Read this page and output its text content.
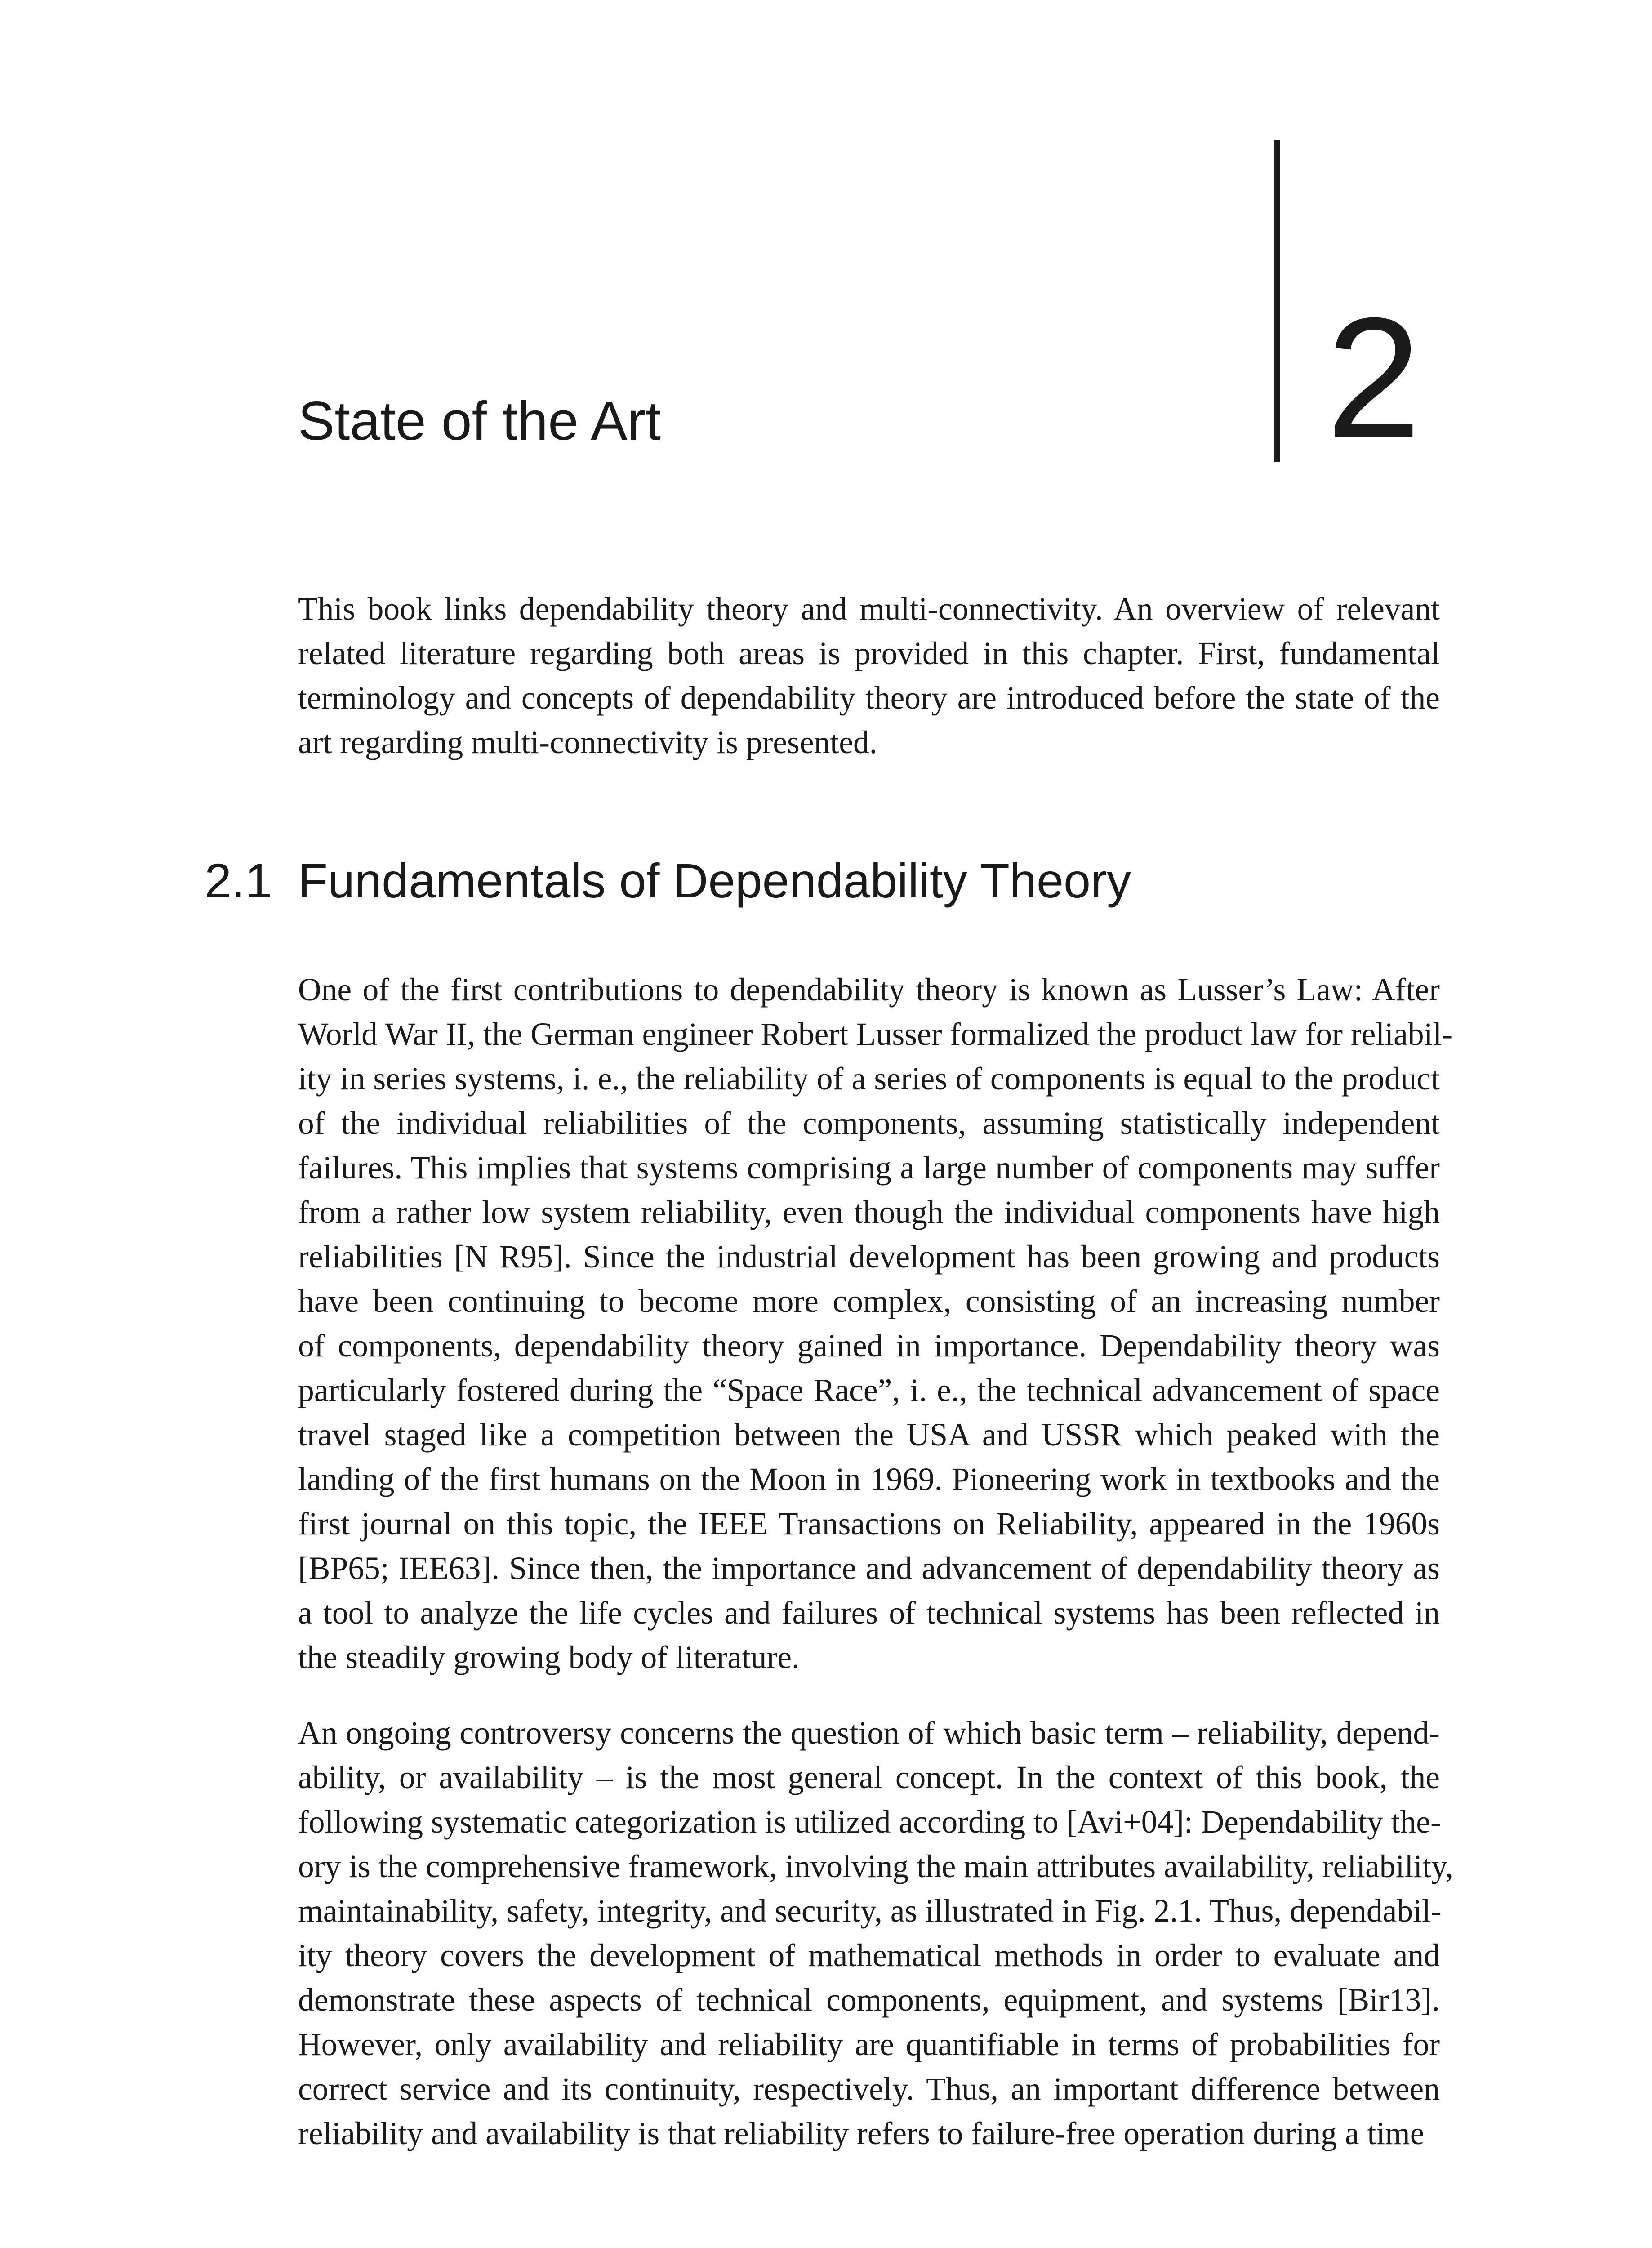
State of the Art	2
This book links dependability theory and multi-connectivity. An overview of relevant
related literature regarding both areas is provided in this chapter. First, fundamental
terminology and concepts of dependability theory are introduced before the state of the
art regarding multi-connectivity is presented.
2.1 Fundamentals of Dependability Theory
One of the first contributions to dependability theory is known as Lusser’s Law: After
World War II, the German engineer Robert Lusser formalized the product law for reliabil-
ity in series systems, i. e., the reliability of a series of components is equal to the product
of the individual reliabilities of the components, assuming statistically independent
failures. This implies that systems comprising a large number of components may suffer
from a rather low system reliability, even though the individual components have high
reliabilities [N R95]. Since the industrial development has been growing and products
have been continuing to become more complex, consisting of an increasing number
of components, dependability theory gained in importance. Dependability theory was
particularly fostered during the “Space Race”, i. e., the technical advancement of space
travel staged like a competition between the USA and USSR which peaked with the
landing of the first humans on the Moon in 1969. Pioneering work in textbooks and the
first journal on this topic, the IEEE Transactions on Reliability, appeared in the 1960s
[BP65; IEE63]. Since then, the importance and advancement of dependability theory as
a tool to analyze the life cycles and failures of technical systems has been reflected in
the steadily growing body of literature.
An ongoing controversy concerns the question of which basic term – reliability, depend-
ability, or availability – is the most general concept. In the context of this book, the
following systematic categorization is utilized according to [Avi+04]: Dependability the-
ory is the comprehensive framework, involving the main attributes availability, reliability,
maintainability, safety, integrity, and security, as illustrated in Fig. 2.1. Thus, dependabil-
ity theory covers the development of mathematical methods in order to evaluate and
demonstrate these aspects of technical components, equipment, and systems [Bir13].
However, only availability and reliability are quantifiable in terms of probabilities for
correct service and its continuity, respectively. Thus, an important difference between
reliability and availability is that reliability refers to failure-free operation during a time
